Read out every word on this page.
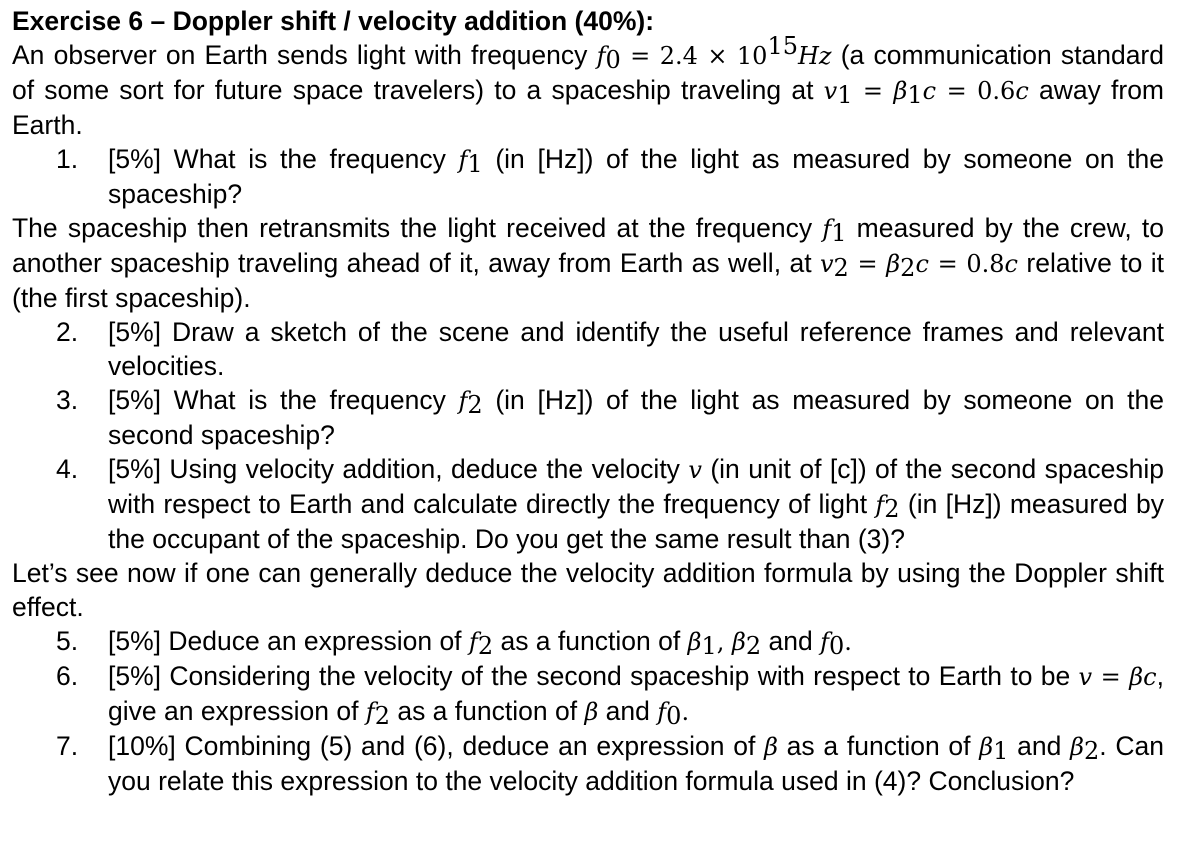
Exercise 6 – Doppler shift / velocity addition (40%):
An observer on Earth sends light with frequency $f_0 = 2.4 \times 10^{15}Hz$ (a communication standard of some sort for future space travelers) to a spaceship traveling at $v_1 = \beta_1c = 0.6c$ away from Earth.
1.	[5%] What is the frequency $f_1$ (in [Hz]) of the light as measured by someone on the spaceship?
The spaceship then retransmits the light received at the frequency $f_1$ measured by the crew, to another spaceship traveling ahead of it, away from Earth as well, at $v_2 = \beta_2c = 0.8c$ relative to it (the first spaceship).
2.	[5%] Draw a sketch of the scene and identify the useful reference frames and relevant velocities.
3.	[5%] What is the frequency $f_2$ (in [Hz]) of the light as measured by someone on the second spaceship?
4.	[5%] Using velocity addition, deduce the velocity v (in unit of [c]) of the second spaceship with respect to Earth and calculate directly the frequency of light $f_2$ (in [Hz]) measured by the occupant of the spaceship. Do you get the same result than (3)?
Let’s see now if one can generally deduce the velocity addition formula by using the Doppler shift effect.
5.	[5%] Deduce an expression of $f_2$ as a function of $\beta_1$, $\beta_2$ and $f_0$.
6.	[5%] Considering the velocity of the second spaceship with respect to Earth to be v = βc, give an expression of $f_2$ as a function of β and $f_0$.
7.	[10%] Combining (5) and (6), deduce an expression of β as a function of $\beta_1$ and $\beta_2$. Can you relate this expression to the velocity addition formula used in (4)? Conclusion?
